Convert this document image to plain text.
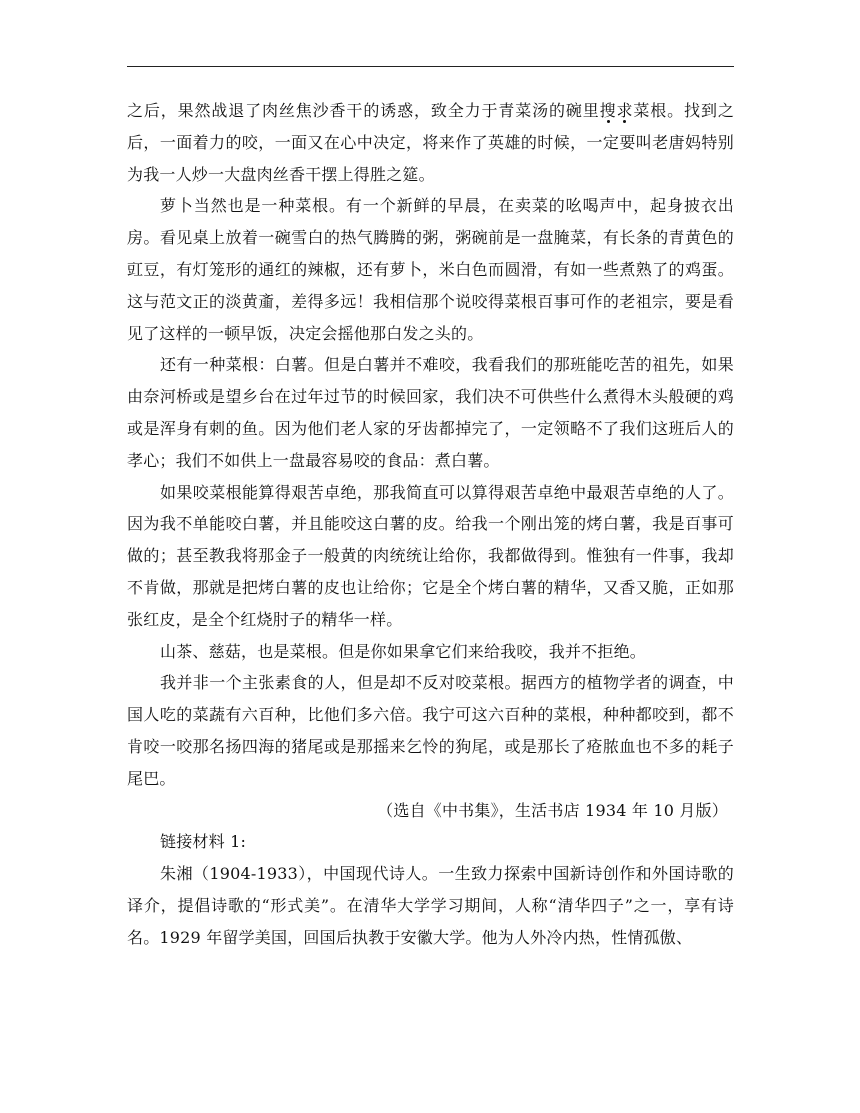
之后，果然战退了肉丝焦沙香干的诱惑，致全力于青菜汤的碗里搜求菜根。找到之后，一面着力的咬，一面又在心中决定，将来作了英雄的时候，一定要叫老唐妈特别为我一人炒一大盘肉丝香干摆上得胜之筵。

萝卜当然也是一种菜根。有一个新鲜的早晨，在卖菜的吆喝声中，起身披衣出房。看见桌上放着一碗雪白的热气腾腾的粥，粥碗前是一盘腌菜，有长条的青黄色的豇豆，有灯笼形的通红的辣椒，还有萝卜，米白色而圆滑，有如一些煮熟了的鸡蛋。这与范文正的淡黄齑，差得多远！我相信那个说咬得菜根百事可作的老祖宗，要是看见了这样的一顿早饭，决定会摇他那白发之头的。

还有一种菜根：白薯。但是白薯并不难咬，我看我们的那班能吃苦的祖先，如果由奈河桥或是望乡台在过年过节的时候回家，我们决不可供些什么煮得木头般硬的鸡或是浑身有刺的鱼。因为他们老人家的牙齿都掉完了，一定领略不了我们这班后人的孝心；我们不如供上一盘最容易咬的食品：煮白薯。

如果咬菜根能算得艰苦卓绝，那我简直可以算得艰苦卓绝中最艰苦卓绝的人了。因为我不单能咬白薯，并且能咬这白薯的皮。给我一个刚出笼的烤白薯，我是百事可做的；甚至教我将那金子一般黄的肉统统让给你，我都做得到。惟独有一件事，我却不肯做，那就是把烤白薯的皮也让给你；它是全个烤白薯的精华，又香又脆，正如那张红皮，是全个红烧肘子的精华一样。

山茶、慈菇，也是菜根。但是你如果拿它们来给我咬，我并不拒绝。

我并非一个主张素食的人，但是却不反对咬菜根。据西方的植物学者的调查，中国人吃的菜蔬有六百种，比他们多六倍。我宁可这六百种的菜根，种种都咬到，都不肯咬一咬那名扬四海的猪尾或是那摇来乞怜的狗尾，或是那长了疮脓血也不多的耗子尾巴。

（选自《中书集》，生活书店 1934 年 10 月版）

链接材料 1:

朱湘（1904-1933），中国现代诗人。一生致力探索中国新诗创作和外国诗歌的译介，提倡诗歌的“形式美”。在清华大学学习期间，人称“清华四子”之一，享有诗名。1929 年留学美国，回国后执教于安徽大学。他为人外冷内热，性情孤傲、
